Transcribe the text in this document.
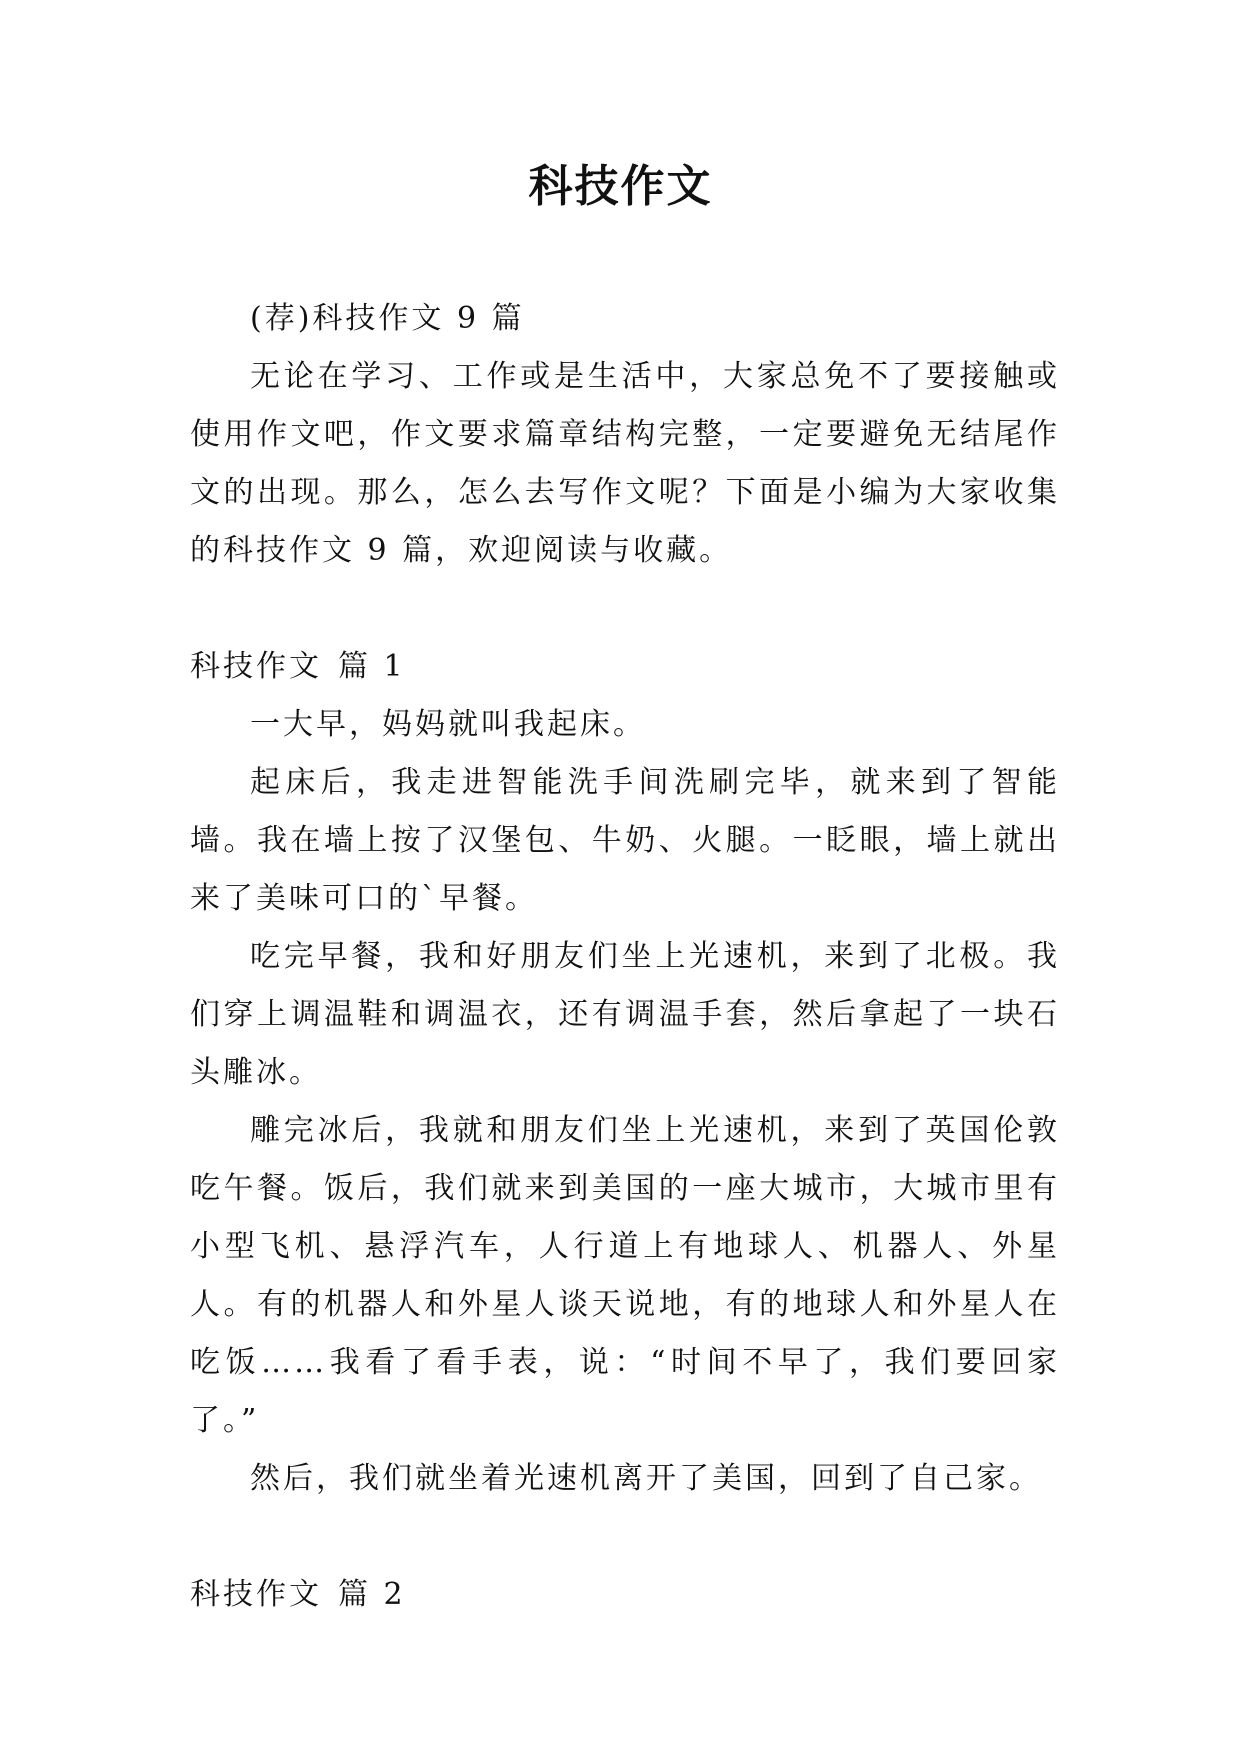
科技作文

(荐)科技作文 9 篇

无论在学习、工作或是生活中，大家总免不了要接触或使用作文吧，作文要求篇章结构完整，一定要避免无结尾作文的出现。那么，怎么去写作文呢？下面是小编为大家收集的科技作文 9 篇，欢迎阅读与收藏。

科技作文 篇 1

一大早，妈妈就叫我起床。

起床后，我走进智能洗手间洗刷完毕，就来到了智能墙。我在墙上按了汉堡包、牛奶、火腿。一眨眼，墙上就出来了美味可口的`早餐。

吃完早餐，我和好朋友们坐上光速机，来到了北极。我们穿上调温鞋和调温衣，还有调温手套，然后拿起了一块石头雕冰。

雕完冰后，我就和朋友们坐上光速机，来到了英国伦敦吃午餐。饭后，我们就来到美国的一座大城市，大城市里有小型飞机、悬浮汽车，人行道上有地球人、机器人、外星人。有的机器人和外星人谈天说地，有的地球人和外星人在吃饭……我看了看手表，说：“时间不早了，我们要回家了。”

然后，我们就坐着光速机离开了美国，回到了自己家。

科技作文 篇 2
